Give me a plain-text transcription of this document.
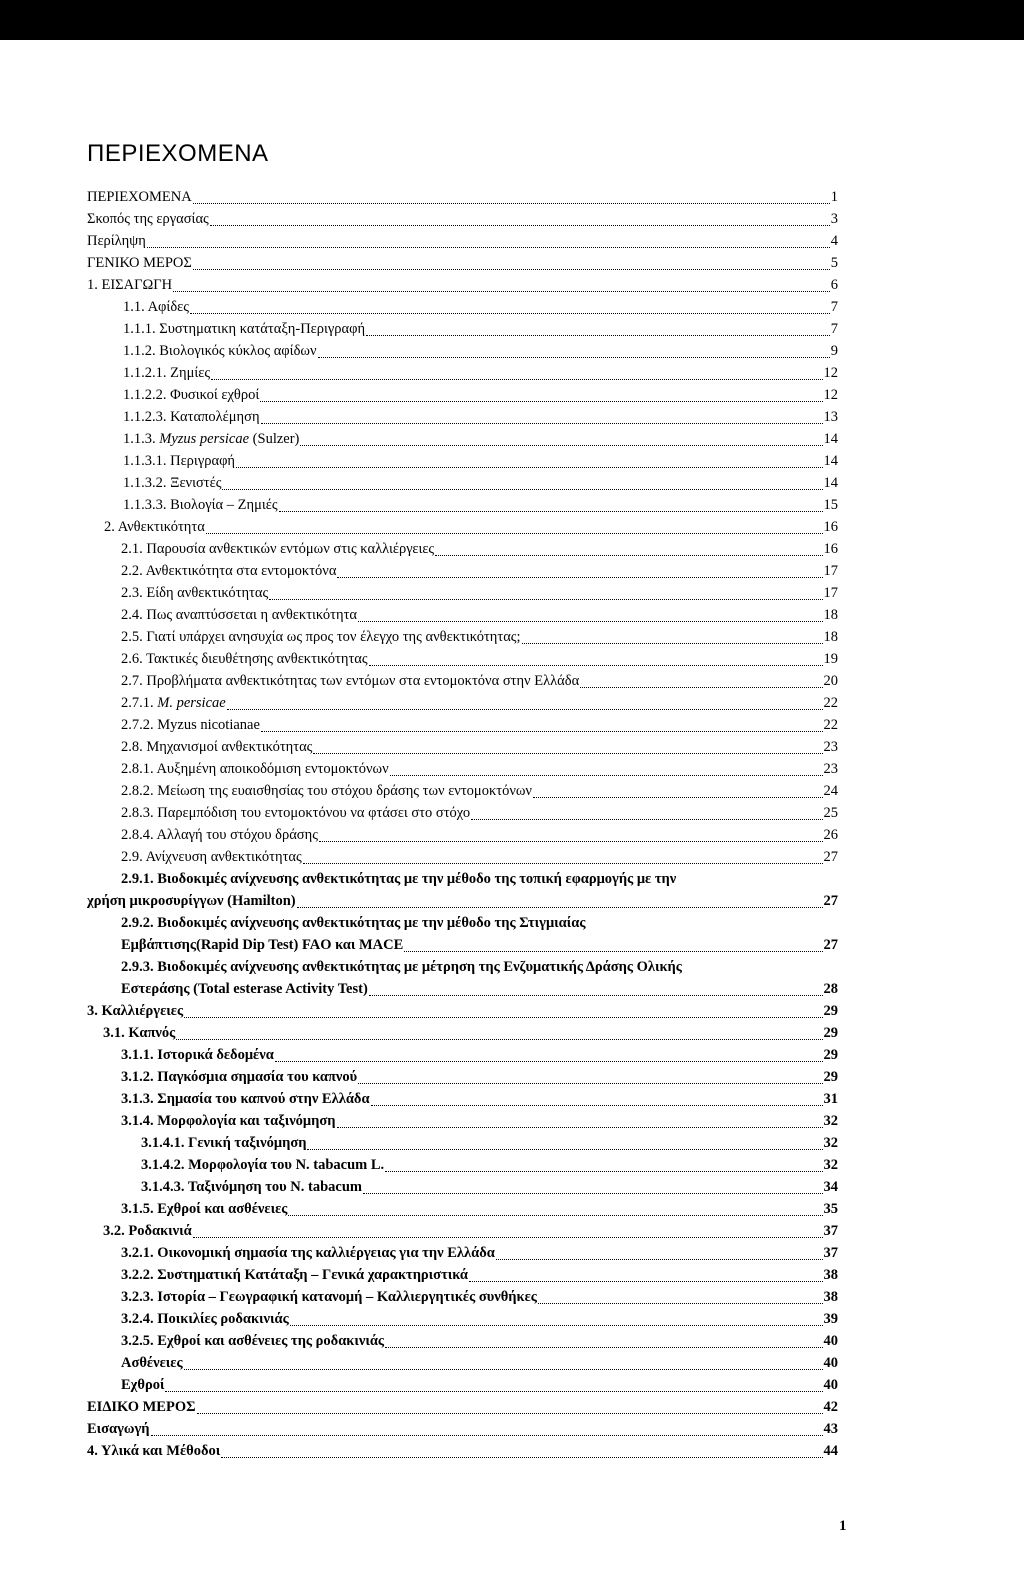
ΠΕΡΙΕΧΟΜΕΝΑ
ΠΕΡΙΕΧΟΜΕΝΑ	1
Σκοπός της εργασίας	3
Περίληψη	4
ΓΕΝΙΚΟ ΜΕΡΟΣ	5
1. ΕΙΣΑΓΩΓΗ	6
1.1. Αφίδες	7
1.1.1. Συστηματικη κατάταξη-Περιγραφή	7
1.1.2. Βιολογικός κύκλος αφίδων	9
1.1.2.1. Ζημίες	12
1.1.2.2. Φυσικοί εχθροί	12
1.1.2.3. Καταπολέμηση	13
1.1.3. Myzus persicae (Sulzer)	14
1.1.3.1. Περιγραφή	14
1.1.3.2. Ξενιστές	14
1.1.3.3. Βιολογία – Ζημιές	15
2. Ανθεκτικότητα	16
2.1. Παρουσία ανθεκτικών εντόμων στις καλλιέργειες	16
2.2. Ανθεκτικότητα στα εντομοκτόνα	17
2.3. Είδη ανθεκτικότητας	17
2.4. Πως αναπτύσσεται η ανθεκτικότητα	18
2.5. Γιατί υπάρχει ανησυχία ως προς τον έλεγχο της ανθεκτικότητας;	18
2.6. Τακτικές διευθέτησης ανθεκτικότητας	19
2.7. Προβλήματα ανθεκτικότητας των εντόμων στα εντομοκτόνα στην Ελλάδα	20
2.7.1. M. persicae	22
2.7.2. Myzus nicotianae	22
2.8. Μηχανισμοί ανθεκτικότητας	23
2.8.1. Αυξημένη αποικοδόμιση εντομοκτόνων	23
2.8.2. Μείωση της ευαισθησίας του στόχου δράσης των εντομοκτόνων	24
2.8.3. Παρεμπόδιση του εντομοκτόνου να φτάσει στο στόχο	25
2.8.4. Αλλαγή του στόχου δράσης	26
2.9. Ανίχνευση ανθεκτικότητας	27
2.9.1. Βιοδοκιμές ανίχνευσης ανθεκτικότητας με την μέθοδο της τοπική εφαρμογής με την
χρήση μικροσυρίγγων (Hamilton)	27
2.9.2. Βιοδοκιμές ανίχνευσης ανθεκτικότητας με την μέθοδο της Στιγμιαίας
Εμβάπτισης(Rapid Dip Test) FAO και MACE	27
2.9.3. Βιοδοκιμές ανίχνευσης ανθεκτικότητας με μέτρηση της Ενζυματικής Δράσης Ολικής
Εστεράσης (Total esterase Activity Test)	28
3. Καλλιέργειες	29
3.1. Καπνός	29
3.1.1. Ιστορικά δεδομένα	29
3.1.2. Παγκόσμια σημασία του καπνού	29
3.1.3. Σημασία του καπνού στην Ελλάδα	31
3.1.4. Μορφολογία και ταξινόμηση	32
3.1.4.1. Γενική ταξινόμηση	32
3.1.4.2. Μορφολογία του N. tabacum L.	32
3.1.4.3. Ταξινόμηση του N. tabacum	34
3.1.5. Εχθροί και ασθένειες	35
3.2. Ροδακινιά	37
3.2.1. Οικονομική σημασία της καλλιέργειας για την Ελλάδα	37
3.2.2. Συστηματική Κατάταξη – Γενικά χαρακτηριστικά	38
3.2.3. Ιστορία – Γεωγραφική κατανομή – Καλλιεργητικές συνθήκες	38
3.2.4. Ποικιλίες ροδακινιάς	39
3.2.5. Εχθροί και ασθένειες της ροδακινιάς	40
Ασθένειες	40
Εχθροί	40
ΕΙΔΙΚΟ ΜΕΡΟΣ	42
Εισαγωγή	43
4. Υλικά και Μέθοδοι	44
1
